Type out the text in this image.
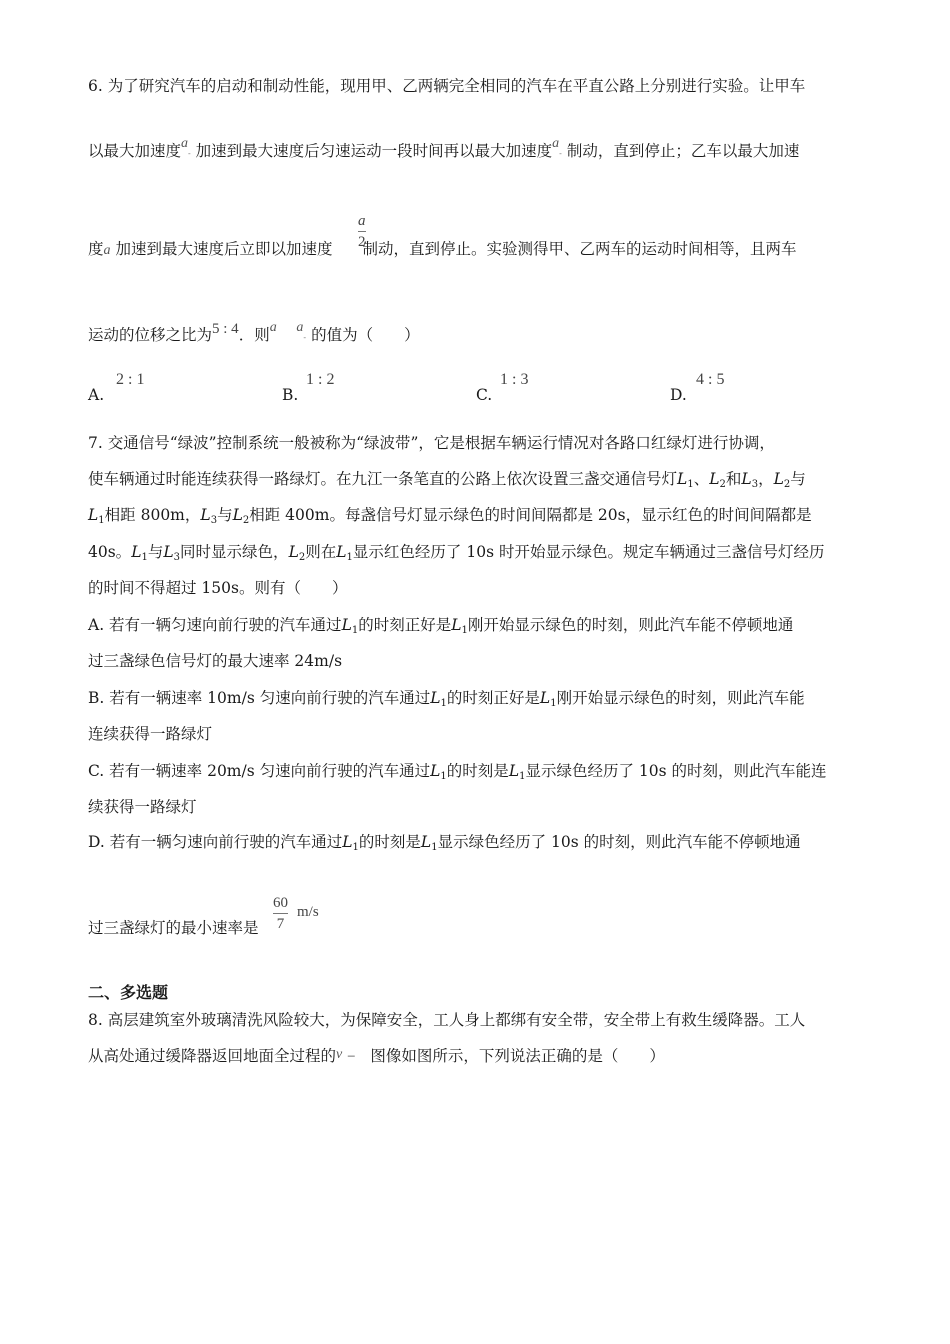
6. 为了研究汽车的启动和制动性能，现用甲、乙两辆完全相同的汽车在平直公路上分别进行实验。让甲车
以最大加速度a- 加速到最大速度后匀速运动一段时间再以最大加速度a- 制动，直到停止；乙车以最大加速
度a 加速到最大速度后立即以加速度 制动，直到停止。实验测得甲、乙两车的运动时间相等，且两车
a
2
运动的位移之比为5 : 4．则a a- 的值为（　　）
A.
2 : 1
B.
1 : 2
C.
1 : 3
D.
4 : 5
7. 交通信号“绿波”控制系统一般被称为“绿波带”，它是根据车辆运行情况对各路口红绿灯进行协调，
使车辆通过时能连续获得一路绿灯。在九江一条笔直的公路上依次设置三盏交通信号灯$L_1$、$L_2$和$L_3$，$L_2$与
$L_1$相距 800m，$L_3$与$L_2$相距 400m。每盏信号灯显示绿色的时间间隔都是 20s，显示红色的时间间隔都是
40s。$L_1$与$L_3$同时显示绿色，$L_2$则在$L_1$显示红色经历了 10s 时开始显示绿色。规定车辆通过三盏信号灯经历
的时间不得超过 150s。则有（　　）
A. 若有一辆匀速向前行驶的汽车通过$L_1$的时刻正好是$L_1$刚开始显示绿色的时刻，则此汽车能不停顿地通
过三盏绿色信号灯的最大速率 24m/s
B. 若有一辆速率 10m/s 匀速向前行驶的汽车通过$L_1$的时刻正好是$L_1$刚开始显示绿色的时刻，则此汽车能
连续获得一路绿灯
C. 若有一辆速率 20m/s 匀速向前行驶的汽车通过$L_1$的时刻是$L_1$显示绿色经历了 10s 的时刻，则此汽车能连
续获得一路绿灯
D. 若有一辆匀速向前行驶的汽车通过$L_1$的时刻是$L_1$显示绿色经历了 10s 的时刻，则此汽车能不停顿地通
过三盏绿灯的最小速率是
60
7
m/s
二、多选题
8. 高层建筑室外玻璃清洗风险较大，为保障安全，工人身上都绑有安全带，安全带上有救生缓降器。工人
从高处通过缓降器返回地面全过程的v − 图像如图所示，下列说法正确的是（　　）
